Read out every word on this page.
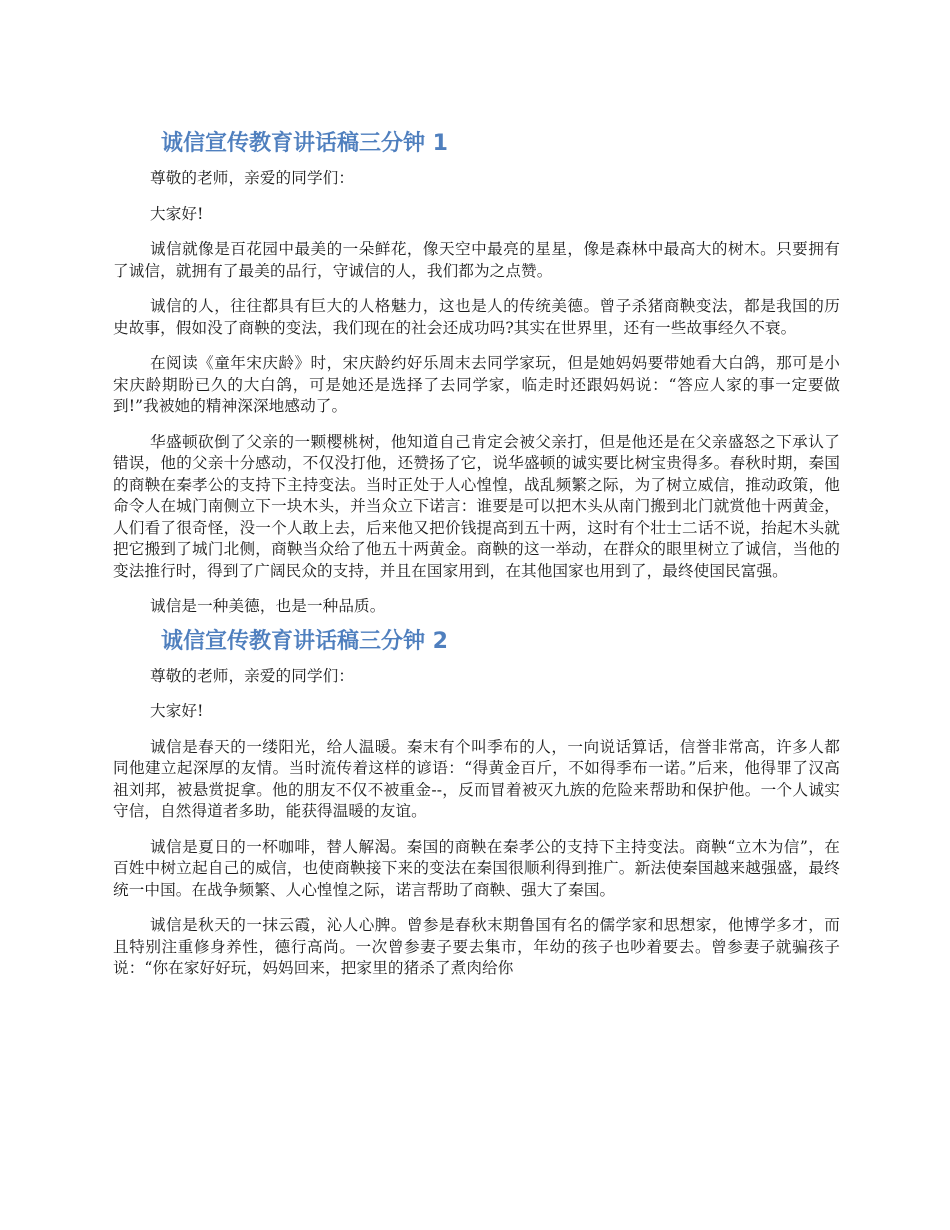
诚信宣传教育讲话稿三分钟 1

尊敬的老师，亲爱的同学们：

大家好!

诚信就像是百花园中最美的一朵鲜花，像天空中最亮的星星，像是森林中最高大的树木。只要拥有了诚信，就拥有了最美的品行，守诚信的人，我们都为之点赞。

诚信的人，往往都具有巨大的人格魅力，这也是人的传统美德。曾子杀猪商鞅变法，都是我国的历史故事，假如没了商鞅的变法，我们现在的社会还成功吗?其实在世界里，还有一些故事经久不衰。

在阅读《童年宋庆龄》时，宋庆龄约好乐周末去同学家玩，但是她妈妈要带她看大白鸽，那可是小宋庆龄期盼已久的大白鸽，可是她还是选择了去同学家，临走时还跟妈妈说：“答应人家的事一定要做到!”我被她的精神深深地感动了。

华盛顿砍倒了父亲的一颗樱桃树，他知道自己肯定会被父亲打，但是他还是在父亲盛怒之下承认了错误，他的父亲十分感动，不仅没打他，还赞扬了它，说华盛顿的诚实要比树宝贵得多。春秋时期，秦国的商鞅在秦孝公的支持下主持变法。当时正处于人心惶惶，战乱频繁之际，为了树立威信，推动政策，他命令人在城门南侧立下一块木头，并当众立下诺言：谁要是可以把木头从南门搬到北门就赏他十两黄金，人们看了很奇怪，没一个人敢上去，后来他又把价钱提高到五十两，这时有个壮士二话不说，抬起木头就把它搬到了城门北侧，商鞅当众给了他五十两黄金。商鞅的这一举动，在群众的眼里树立了诚信，当他的变法推行时，得到了广阔民众的支持，并且在国家用到，在其他国家也用到了，最终使国民富强。

诚信是一种美德，也是一种品质。

诚信宣传教育讲话稿三分钟 2

尊敬的老师，亲爱的同学们：

大家好!

诚信是春天的一缕阳光，给人温暖。秦末有个叫季布的人，一向说话算话，信誉非常高，许多人都同他建立起深厚的友情。当时流传着这样的谚语：“得黄金百斤，不如得季布一诺。”后来，他得罪了汉高祖刘邦，被悬赏捉拿。他的朋友不仅不被重金--，反而冒着被灭九族的危险来帮助和保护他。一个人诚实守信，自然得道者多助，能获得温暖的友谊。

诚信是夏日的一杯咖啡，替人解渴。秦国的商鞅在秦孝公的支持下主持变法。商鞅“立木为信”，在百姓中树立起自己的威信，也使商鞅接下来的变法在秦国很顺利得到推广。新法使秦国越来越强盛，最终统一中国。在战争频繁、人心惶惶之际，诺言帮助了商鞅、强大了秦国。

诚信是秋天的一抹云霞，沁人心脾。曾参是春秋末期鲁国有名的儒学家和思想家，他博学多才，而且特别注重修身养性，德行高尚。一次曾参妻子要去集市，年幼的孩子也吵着要去。曾参妻子就骗孩子说：“你在家好好玩，妈妈回来，把家里的猪杀了煮肉给你
